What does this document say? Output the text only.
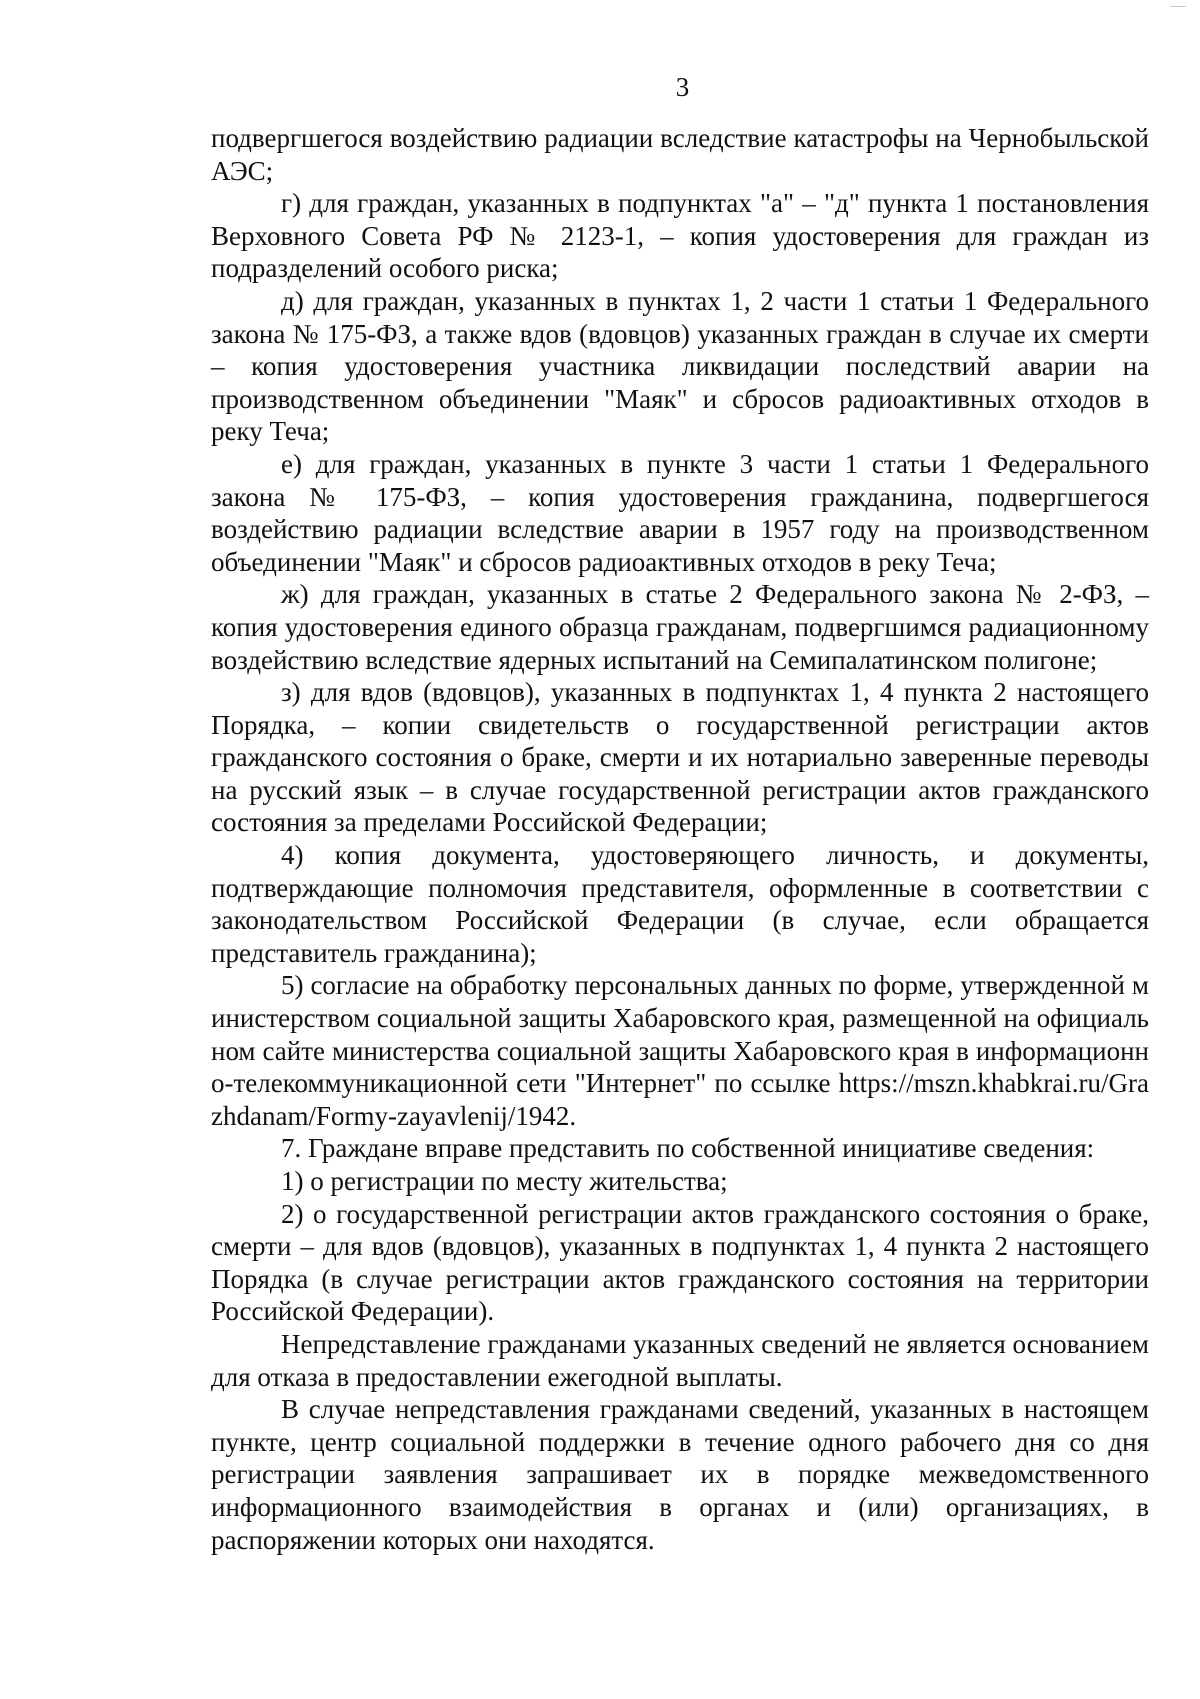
3

подвергшегося воздействию радиации вследствие катастрофы на Чернобыльской АЭС;

г) для граждан, указанных в подпунктах "а" – "д" пункта 1 постановления Верховного Совета РФ № 2123-1, – копия удостоверения для граждан из подразделений особого риска;

д) для граждан, указанных в пунктах 1, 2 части 1 статьи 1 Федерального закона № 175-ФЗ, а также вдов (вдовцов) указанных граждан в случае их смерти – копия удостоверения участника ликвидации последствий аварии на производственном объединении "Маяк" и сбросов радиоактивных отходов в реку Теча;

е) для граждан, указанных в пункте 3 части 1 статьи 1 Федерального закона № 175-ФЗ, – копия удостоверения гражданина, подвергшегося воздействию радиации вследствие аварии в 1957 году на производственном объединении "Маяк" и сбросов радиоактивных отходов в реку Теча;

ж) для граждан, указанных в статье 2 Федерального закона № 2-ФЗ, – копия удостоверения единого образца гражданам, подвергшимся радиационному воздействию вследствие ядерных испытаний на Семипалатинском полигоне;

з) для вдов (вдовцов), указанных в подпунктах 1, 4 пункта 2 настоящего Порядка, – копии свидетельств о государственной регистрации актов гражданского состояния о браке, смерти и их нотариально заверенные переводы на русский язык – в случае государственной регистрации актов гражданского состояния за пределами Российской Федерации;

4) копия документа, удостоверяющего личность, и документы, подтверждающие полномочия представителя, оформленные в соответствии с законодательством Российской Федерации (в случае, если обращается представитель гражданина);

5) согласие на обработку персональных данных по форме, утвержденной министерством социальной защиты Хабаровского края, размещенной на официальном сайте министерства социальной защиты Хабаровского края в информационно-телекоммуникационной сети "Интернет" по ссылке https://mszn.khabkrai.ru/Grazhdanam/Formy-zayavlenij/1942.

7. Граждане вправе представить по собственной инициативе сведения:

1) о регистрации по месту жительства;

2) о государственной регистрации актов гражданского состояния о браке, смерти – для вдов (вдовцов), указанных в подпунктах 1, 4 пункта 2 настоящего Порядка (в случае регистрации актов гражданского состояния на территории Российской Федерации).

Непредставление гражданами указанных сведений не является основанием для отказа в предоставлении ежегодной выплаты.

В случае непредставления гражданами сведений, указанных в настоящем пункте, центр социальной поддержки в течение одного рабочего дня со дня регистрации заявления запрашивает их в порядке межведомственного информационного взаимодействия в органах и (или) организациях, в распоряжении которых они находятся.
